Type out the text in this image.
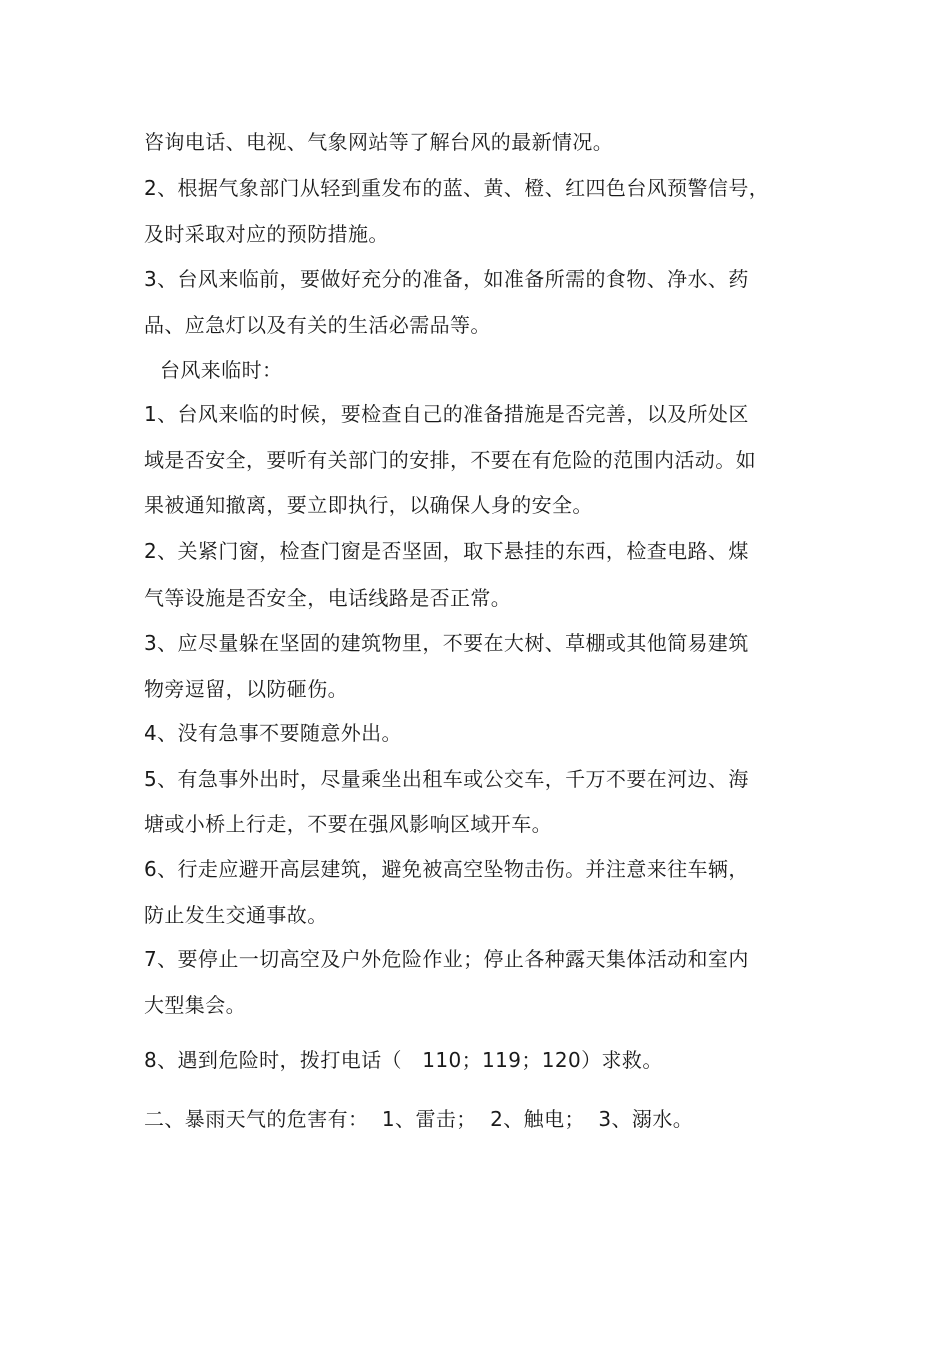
咨询电话、电视、气象网站等了解台风的最新情况。
2、根据气象部门从轻到重发布的蓝、黄、橙、红四色台风预警信号，
及时采取对应的预防措施。
3、台风来临前，要做好充分的准备，如准备所需的食物、净水、药
品、应急灯以及有关的生活必需品等。
台风来临时：
1、台风来临的时候，要检查自己的准备措施是否完善，以及所处区
域是否安全，要听有关部门的安排，不要在有危险的范围内活动。如
果被通知撤离，要立即执行，以确保人身的安全。
2、关紧门窗，检查门窗是否坚固，取下悬挂的东西，检查电路、煤
气等设施是否安全，电话线路是否正常。
3、应尽量躲在坚固的建筑物里，不要在大树、草棚或其他简易建筑
物旁逗留，以防砸伤。
4、没有急事不要随意外出。
5、有急事外出时，尽量乘坐出租车或公交车，千万不要在河边、海
塘或小桥上行走，不要在强风影响区域开车。
6、行走应避开高层建筑，避免被高空坠物击伤。并注意来往车辆，
防止发生交通事故。
7、要停止一切高空及户外危险作业；停止各种露天集体活动和室内
大型集会。
8、遇到危险时，拨打电话（   110；119；120）求救。
二、暴雨天气的危害有：  1、雷击；  2、触电；  3、溺水。
